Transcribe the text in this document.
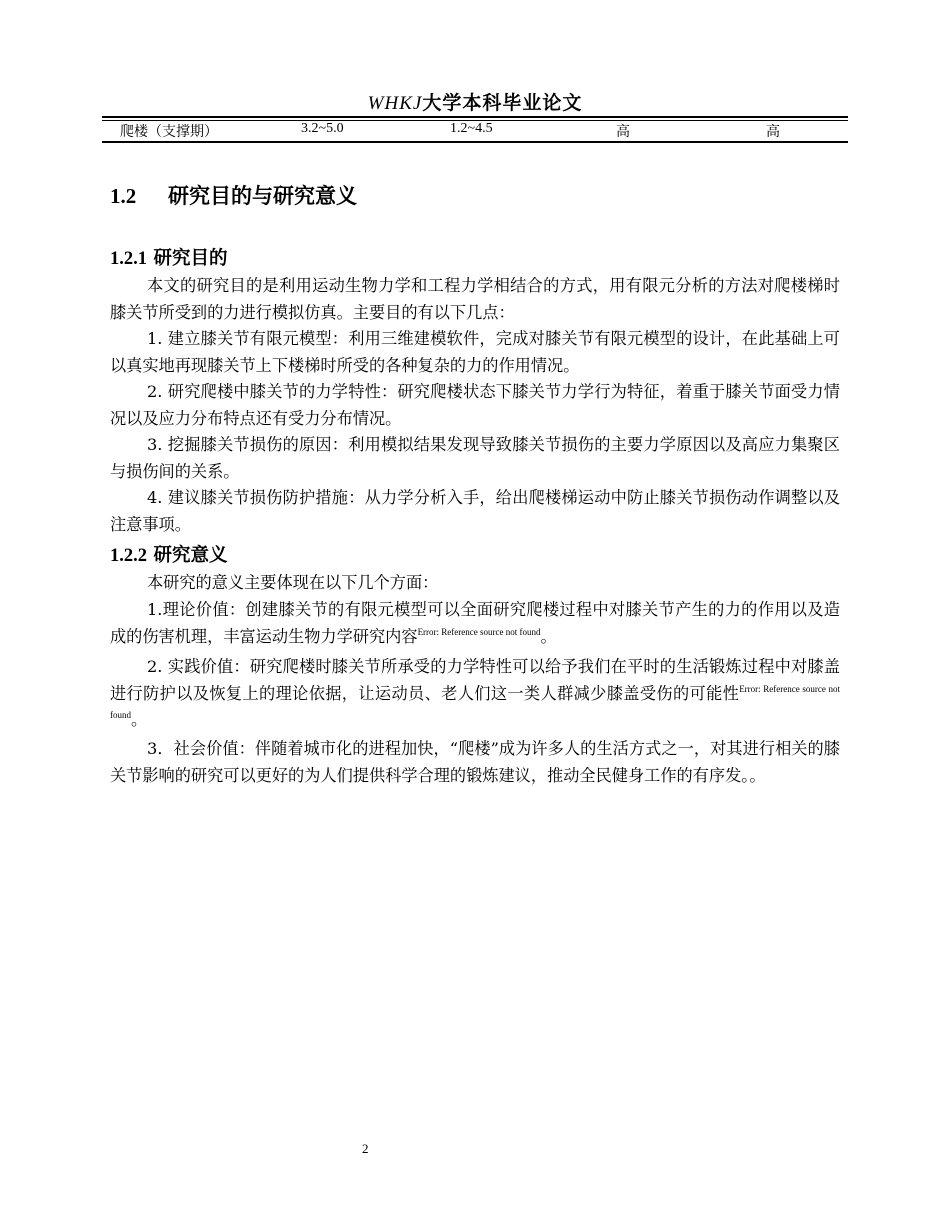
WHKJ大学本科毕业论文
爬楼（支撑期）	3.2~5.0	1.2~4.5	高	高
1.2 研究目的与研究意义
1.2.1 研究目的
本文的研究目的是利用运动生物力学和工程力学相结合的方式，用有限元分析的方法对爬楼梯时膝关节所受到的力进行模拟仿真。主要目的有以下几点：
1. 建立膝关节有限元模型：利用三维建模软件，完成对膝关节有限元模型的设计，在此基础上可以真实地再现膝关节上下楼梯时所受的各种复杂的力的作用情况。
2. 研究爬楼中膝关节的力学特性：研究爬楼状态下膝关节力学行为特征，着重于膝关节面受力情况以及应力分布特点还有受力分布情况。
3. 挖掘膝关节损伤的原因：利用模拟结果发现导致膝关节损伤的主要力学原因以及高应力集聚区与损伤间的关系。
4. 建议膝关节损伤防护措施：从力学分析入手，给出爬楼梯运动中防止膝关节损伤动作调整以及注意事项。
1.2.2 研究意义
本研究的意义主要体现在以下几个方面：
1.理论价值：创建膝关节的有限元模型可以全面研究爬楼过程中对膝关节产生的力的作用以及造成的伤害机理，丰富运动生物力学研究内容$^{Error: Reference source not found}$。
2. 实践价值：研究爬楼时膝关节所承受的力学特性可以给予我们在平时的生活锻炼过程中对膝盖进行防护以及恢复上的理论依据，让运动员、老人们这一类人群减少膝盖受伤的可能性$^{Error: Reference source not found}$。
3．社会价值：伴随着城市化的进程加快，“爬楼”成为许多人的生活方式之一，对其进行相关的膝关节影响的研究可以更好的为人们提供科学合理的锻炼建议，推动全民健身工作的有序发。。
2
